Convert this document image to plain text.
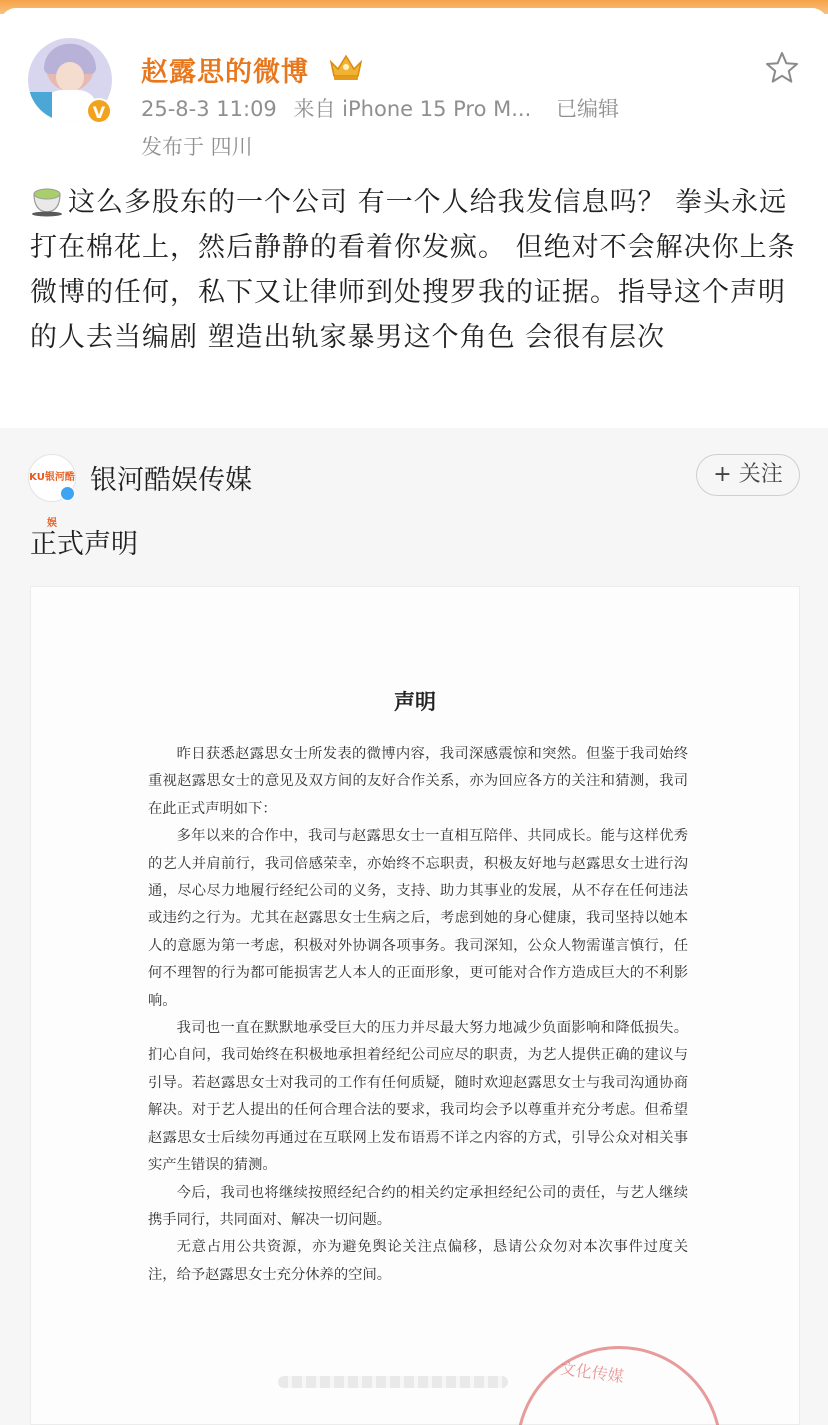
V
赵露思的微博
25-8-3 11:09 来自 iPhone 15 Pro M... 已编辑
发布于 四川
这么多股东的一个公司 有一个人给我发信息吗？ 拳头永远打在棉花上，然后静静的看着你发疯。 但绝对不会解决你上条微博的任何，私下又让律师到处搜罗我的证据。指导这个声明的人去当编剧 塑造出轨家暴男这个角色 会很有层次
KU银河酷娱
银河酷娱传媒	+ 关注
正式声明
声明

昨日获悉赵露思女士所发表的微博内容，我司深感震惊和突然。但鉴于我司始终重视赵露思女士的意见及双方间的友好合作关系，亦为回应各方的关注和猜测，我司在此正式声明如下：

多年以来的合作中，我司与赵露思女士一直相互陪伴、共同成长。能与这样优秀的艺人并肩前行，我司倍感荣幸，亦始终不忘职责，积极友好地与赵露思女士进行沟通，尽心尽力地履行经纪公司的义务，支持、助力其事业的发展，从不存在任何违法或违约之行为。尤其在赵露思女士生病之后，考虑到她的身心健康，我司坚持以她本人的意愿为第一考虑，积极对外协调各项事务。我司深知，公众人物需谨言慎行，任何不理智的行为都可能损害艺人本人的正面形象，更可能对合作方造成巨大的不利影响。

我司也一直在默默地承受巨大的压力并尽最大努力地减少负面影响和降低损失。扪心自问，我司始终在积极地承担着经纪公司应尽的职责，为艺人提供正确的建议与引导。若赵露思女士对我司的工作有任何质疑，随时欢迎赵露思女士与我司沟通协商解决。对于艺人提出的任何合理合法的要求，我司均会予以尊重并充分考虑。但希望赵露思女士后续勿再通过在互联网上发布语焉不详之内容的方式，引导公众对相关事实产生错误的猜测。

今后，我司也将继续按照经纪合约的相关约定承担经纪公司的责任，与艺人继续携手同行，共同面对、解决一切问题。

无意占用公共资源，亦为避免舆论关注点偏移，恳请公众勿对本次事件过度关注，给予赵露思女士充分休养的空间。

文化传媒
